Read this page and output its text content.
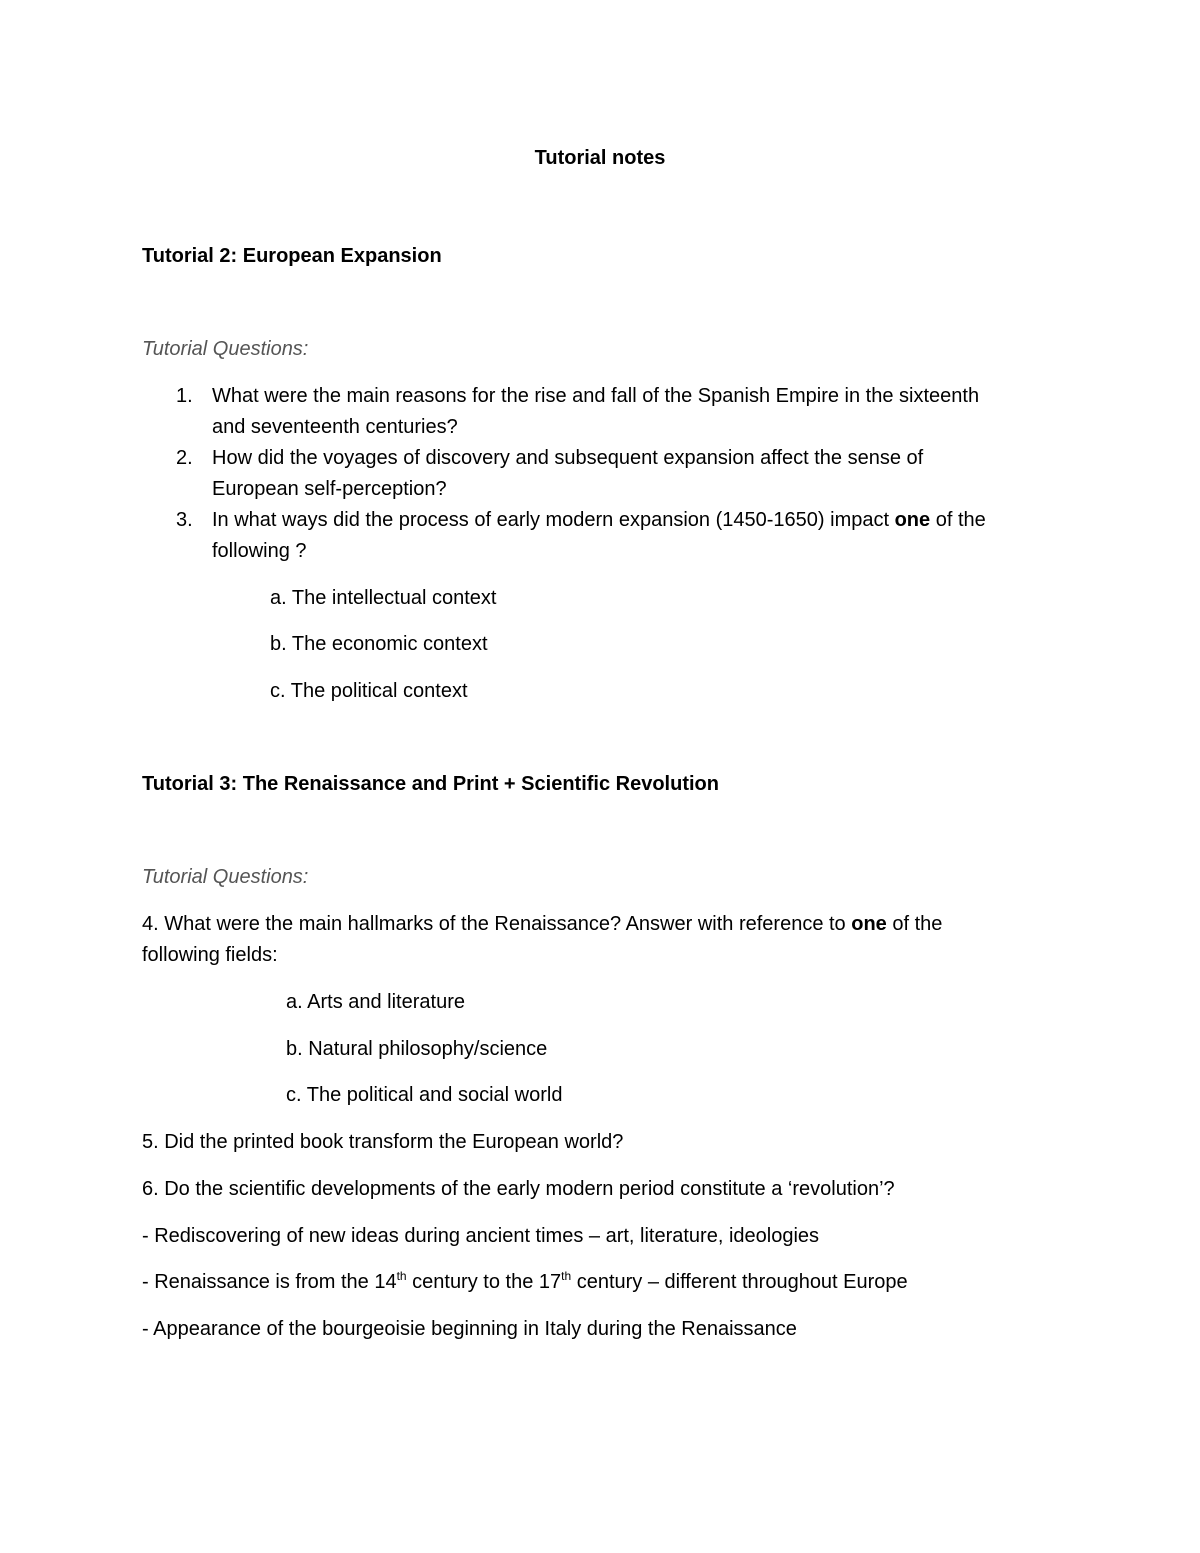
Tutorial notes
Tutorial 2: European Expansion
Tutorial Questions:
1. What were the main reasons for the rise and fall of the Spanish Empire in the sixteenth
and seventeenth centuries?
2. How did the voyages of discovery and subsequent expansion affect the sense of
European self-perception?
3. In what ways did the process of early modern expansion (1450-1650) impact one of the
following ?
a. The intellectual context
b. The economic context
c. The political context
Tutorial 3: The Renaissance and Print + Scientific Revolution
Tutorial Questions:
4. What were the main hallmarks of the Renaissance? Answer with reference to one of the
following fields:
a. Arts and literature
b. Natural philosophy/science
c. The political and social world
5. Did the printed book transform the European world?
6. Do the scientific developments of the early modern period constitute a ‘revolution’?
- Rediscovering of new ideas during ancient times – art, literature, ideologies
- Renaissance is from the 14th century to the 17th century – different throughout Europe
- Appearance of the bourgeoisie beginning in Italy during the Renaissance
